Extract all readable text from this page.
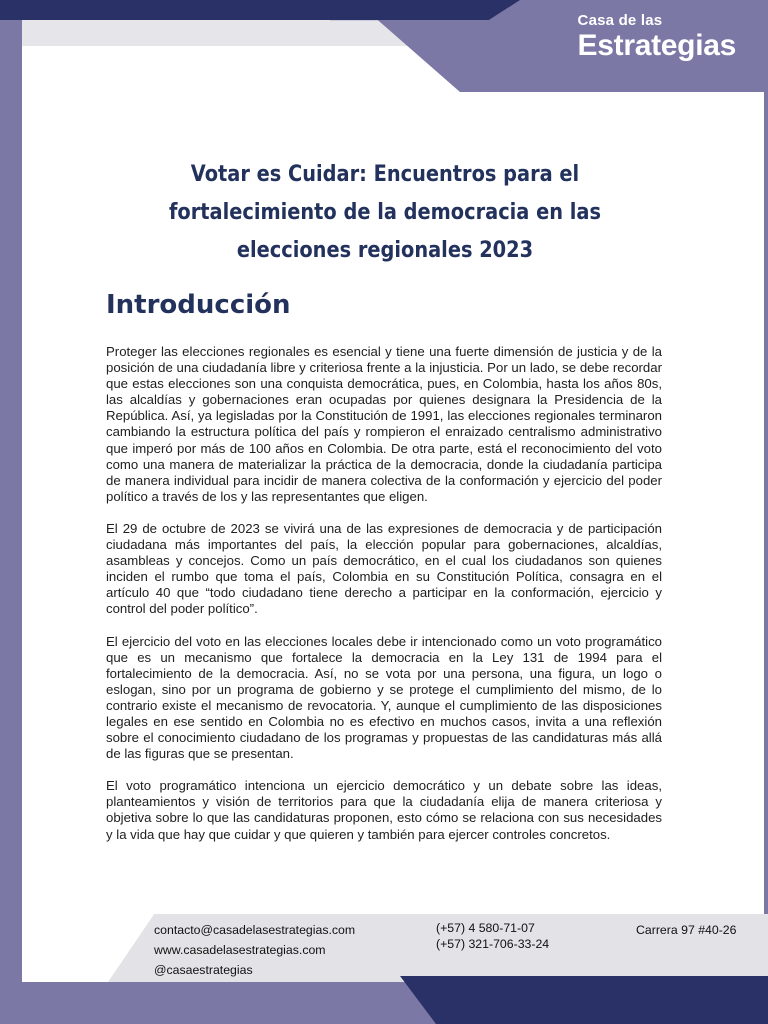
Casa de las
Estrategias
Votar es Cuidar: Encuentros para el fortalecimiento de la democracia en las elecciones regionales 2023
Introducción

Proteger las elecciones regionales es esencial y tiene una fuerte dimensión de justicia y de la posición de una ciudadanía libre y criteriosa frente a la injusticia. Por un lado, se debe recordar que estas elecciones son una conquista democrática, pues, en Colombia, hasta los años 80s, las alcaldías y gobernaciones eran ocupadas por quienes designara la Presidencia de la República. Así, ya legisladas por la Constitución de 1991, las elecciones regionales terminaron cambiando la estructura política del país y rompieron el enraizado centralismo administrativo que imperó por más de 100 años en Colombia. De otra parte, está el reconocimiento del voto como una manera de materializar la práctica de la democracia, donde la ciudadanía participa de manera individual para incidir de manera colectiva de la conformación y ejercicio del poder político a través de los y las representantes que eligen.

El 29 de octubre de 2023 se vivirá una de las expresiones de democracia y de participación ciudadana más importantes del país, la elección popular para gobernaciones, alcaldías, asambleas y concejos. Como un país democrático, en el cual los ciudadanos son quienes inciden el rumbo que toma el país, Colombia en su Constitución Política, consagra en el artículo 40 que “todo ciudadano tiene derecho a participar en la conformación, ejercicio y control del poder político”.

El ejercicio del voto en las elecciones locales debe ir intencionado como un voto programático que es un mecanismo que fortalece la democracia en la Ley 131 de 1994 para el fortalecimiento de la democracia. Así, no se vota por una persona, una figura, un logo o eslogan, sino por un programa de gobierno y se protege el cumplimiento del mismo, de lo contrario existe el mecanismo de revocatoria. Y, aunque el cumplimiento de las disposiciones legales en ese sentido en Colombia no es efectivo en muchos casos, invita a una reflexión sobre el conocimiento ciudadano de los programas y propuestas de las candidaturas más allá de las figuras que se presentan.

El voto programático intenciona un ejercicio democrático y un debate sobre las ideas, planteamientos y visión de territorios para que la ciudadanía elija de manera criteriosa y objetiva sobre lo que las candidaturas proponen, esto cómo se relaciona con sus necesidades y la vida que hay que cuidar y que quieren y también para ejercer controles concretos.

contacto@casadelasestrategias.com
www.casadelasestrategias.com
@casaestrategias
(+57) 4 580-71-07
(+57) 321-706-33-24
Carrera 97 #40-26
